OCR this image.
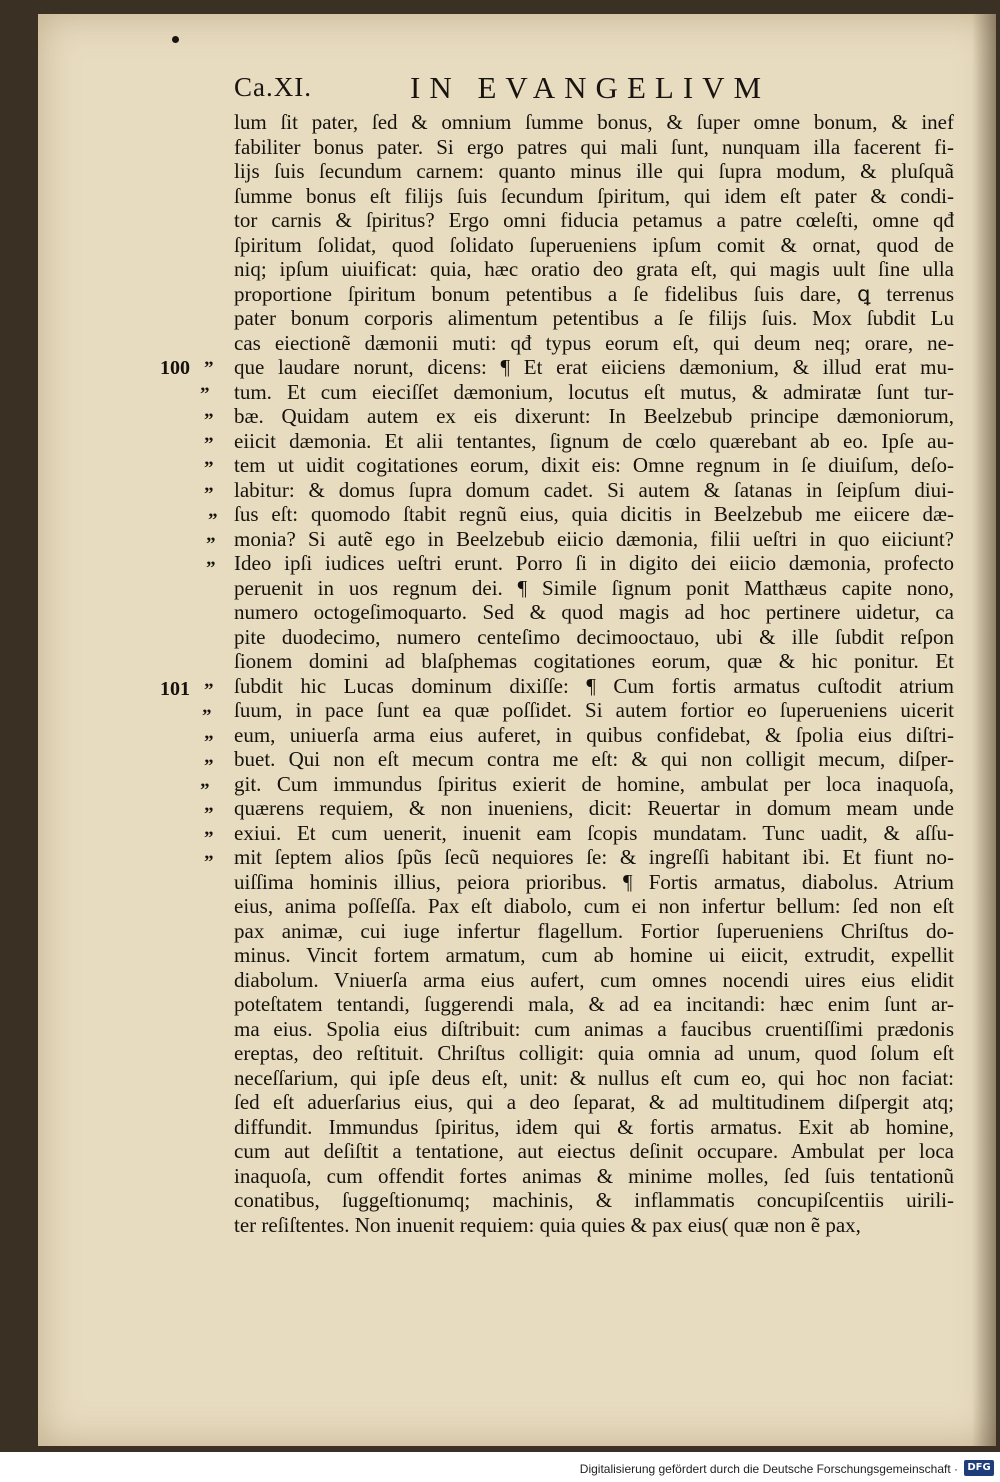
Ca.XI.	IN EVANGELIVM
100
101
”
”
”
”
”
”
”
”
”
”
”
”
”
”
”
”
”
lum ſit pater, ſed & omnium ſumme bonus, & ſuper omne bonum, & inef
fabiliter bonus pater. Si ergo patres qui mali ſunt, nunquam illa facerent fi-
lijs ſuis ſecundum carnem: quanto minus ille qui ſupra modum, & pluſquã
ſumme bonus eſt filijs ſuis ſecundum ſpiritum, qui idem eſt pater & condi-
tor carnis & ſpiritus? Ergo omni fiducia petamus a patre cœleſti, omne qđ
ſpiritum ſolidat, quod ſolidato ſuperueniens ipſum comit & ornat, quod de
niq; ipſum uiuificat: quia, hæc oratio deo grata eſt, qui magis uult ſine ulla
proportione ſpiritum bonum petentibus a ſe fidelibus ſuis dare, ꝗ terrenus
pater bonum corporis alimentum petentibus a ſe filijs ſuis. Mox ſubdit Lu
cas eiectionẽ dæmonii muti: qđ typus eorum eſt, qui deum neq; orare, ne-
que laudare norunt, dicens: ¶ Et erat eiiciens dæmonium, & illud erat mu-
tum. Et cum eieciſſet dæmonium, locutus eſt mutus, & admiratæ ſunt tur-
bæ. Quidam autem ex eis dixerunt: In Beelzebub principe dæmoniorum,
eiicit dæmonia. Et alii tentantes, ſignum de cœlo quærebant ab eo. Ipſe au-
tem ut uidit cogitationes eorum, dixit eis: Omne regnum in ſe diuiſum, deſo-
labitur: & domus ſupra domum cadet. Si autem & ſatanas in ſeipſum diui-
ſus eſt: quomodo ſtabit regnũ eius, quia dicitis in Beelzebub me eiicere dæ-
monia? Si autẽ ego in Beelzebub eiicio dæmonia, filii ueſtri in quo eiiciunt?
Ideo ipſi iudices ueſtri erunt. Porro ſi in digito dei eiicio dæmonia, profecto
peruenit in uos regnum dei. ¶ Simile ſignum ponit Matthæus capite nono,
numero octogeſimoquarto. Sed & quod magis ad hoc pertinere uidetur, ca
pite duodecimo, numero centeſimo decimooctauo, ubi & ille ſubdit reſpon
ſionem domini ad blaſphemas cogitationes eorum, quæ & hic ponitur. Et
ſubdit hic Lucas dominum dixiſſe: ¶ Cum fortis armatus cuſtodit atrium
ſuum, in pace ſunt ea quæ poſſidet. Si autem fortior eo ſuperueniens uicerit
eum, uniuerſa arma eius auferet, in quibus confidebat, & ſpolia eius diſtri-
buet. Qui non eſt mecum contra me eſt: & qui non colligit mecum, diſper-
git. Cum immundus ſpiritus exierit de homine, ambulat per loca inaquoſa,
quærens requiem, & non inueniens, dicit: Reuertar in domum meam unde
exiui. Et cum uenerit, inuenit eam ſcopis mundatam. Tunc uadit, & aſſu-
mit ſeptem alios ſpũs ſecũ nequiores ſe: & ingreſſi habitant ibi. Et fiunt no-
uiſſima hominis illius, peiora prioribus. ¶ Fortis armatus, diabolus. Atrium
eius, anima poſſeſſa. Pax eſt diabolo, cum ei non infertur bellum: ſed non eſt
pax animæ, cui iuge infertur flagellum. Fortior ſuperueniens Chriſtus do-
minus. Vincit fortem armatum, cum ab homine ui eiicit, extrudit, expellit
diabolum. Vniuerſa arma eius aufert, cum omnes nocendi uires eius elidit
poteſtatem tentandi, ſuggerendi mala, & ad ea incitandi: hæc enim ſunt ar-
ma eius. Spolia eius diſtribuit: cum animas a faucibus cruentiſſimi prædonis
ereptas, deo reſtituit. Chriſtus colligit: quia omnia ad unum, quod ſolum eſt
neceſſarium, qui ipſe deus eſt, unit: & nullus eſt cum eo, qui hoc non faciat:
ſed eſt aduerſarius eius, qui a deo ſeparat, & ad multitudinem diſpergit atq;
diffundit. Immundus ſpiritus, idem qui & fortis armatus. Exit ab homine,
cum aut deſiſtit a tentatione, aut eiectus deſinit occupare. Ambulat per loca
inaquoſa, cum offendit fortes animas & minime molles, ſed ſuis tentationũ
conatibus, ſuggeſtionumq; machinis, & inflammatis concupiſcentiis uirili-
ter reſiſtentes. Non inuenit requiem: quia quies & pax eius( quæ non ẽ pax,
Digitalisierung gefördert durch die Deutsche Forschungsgemeinschaft · DFG
